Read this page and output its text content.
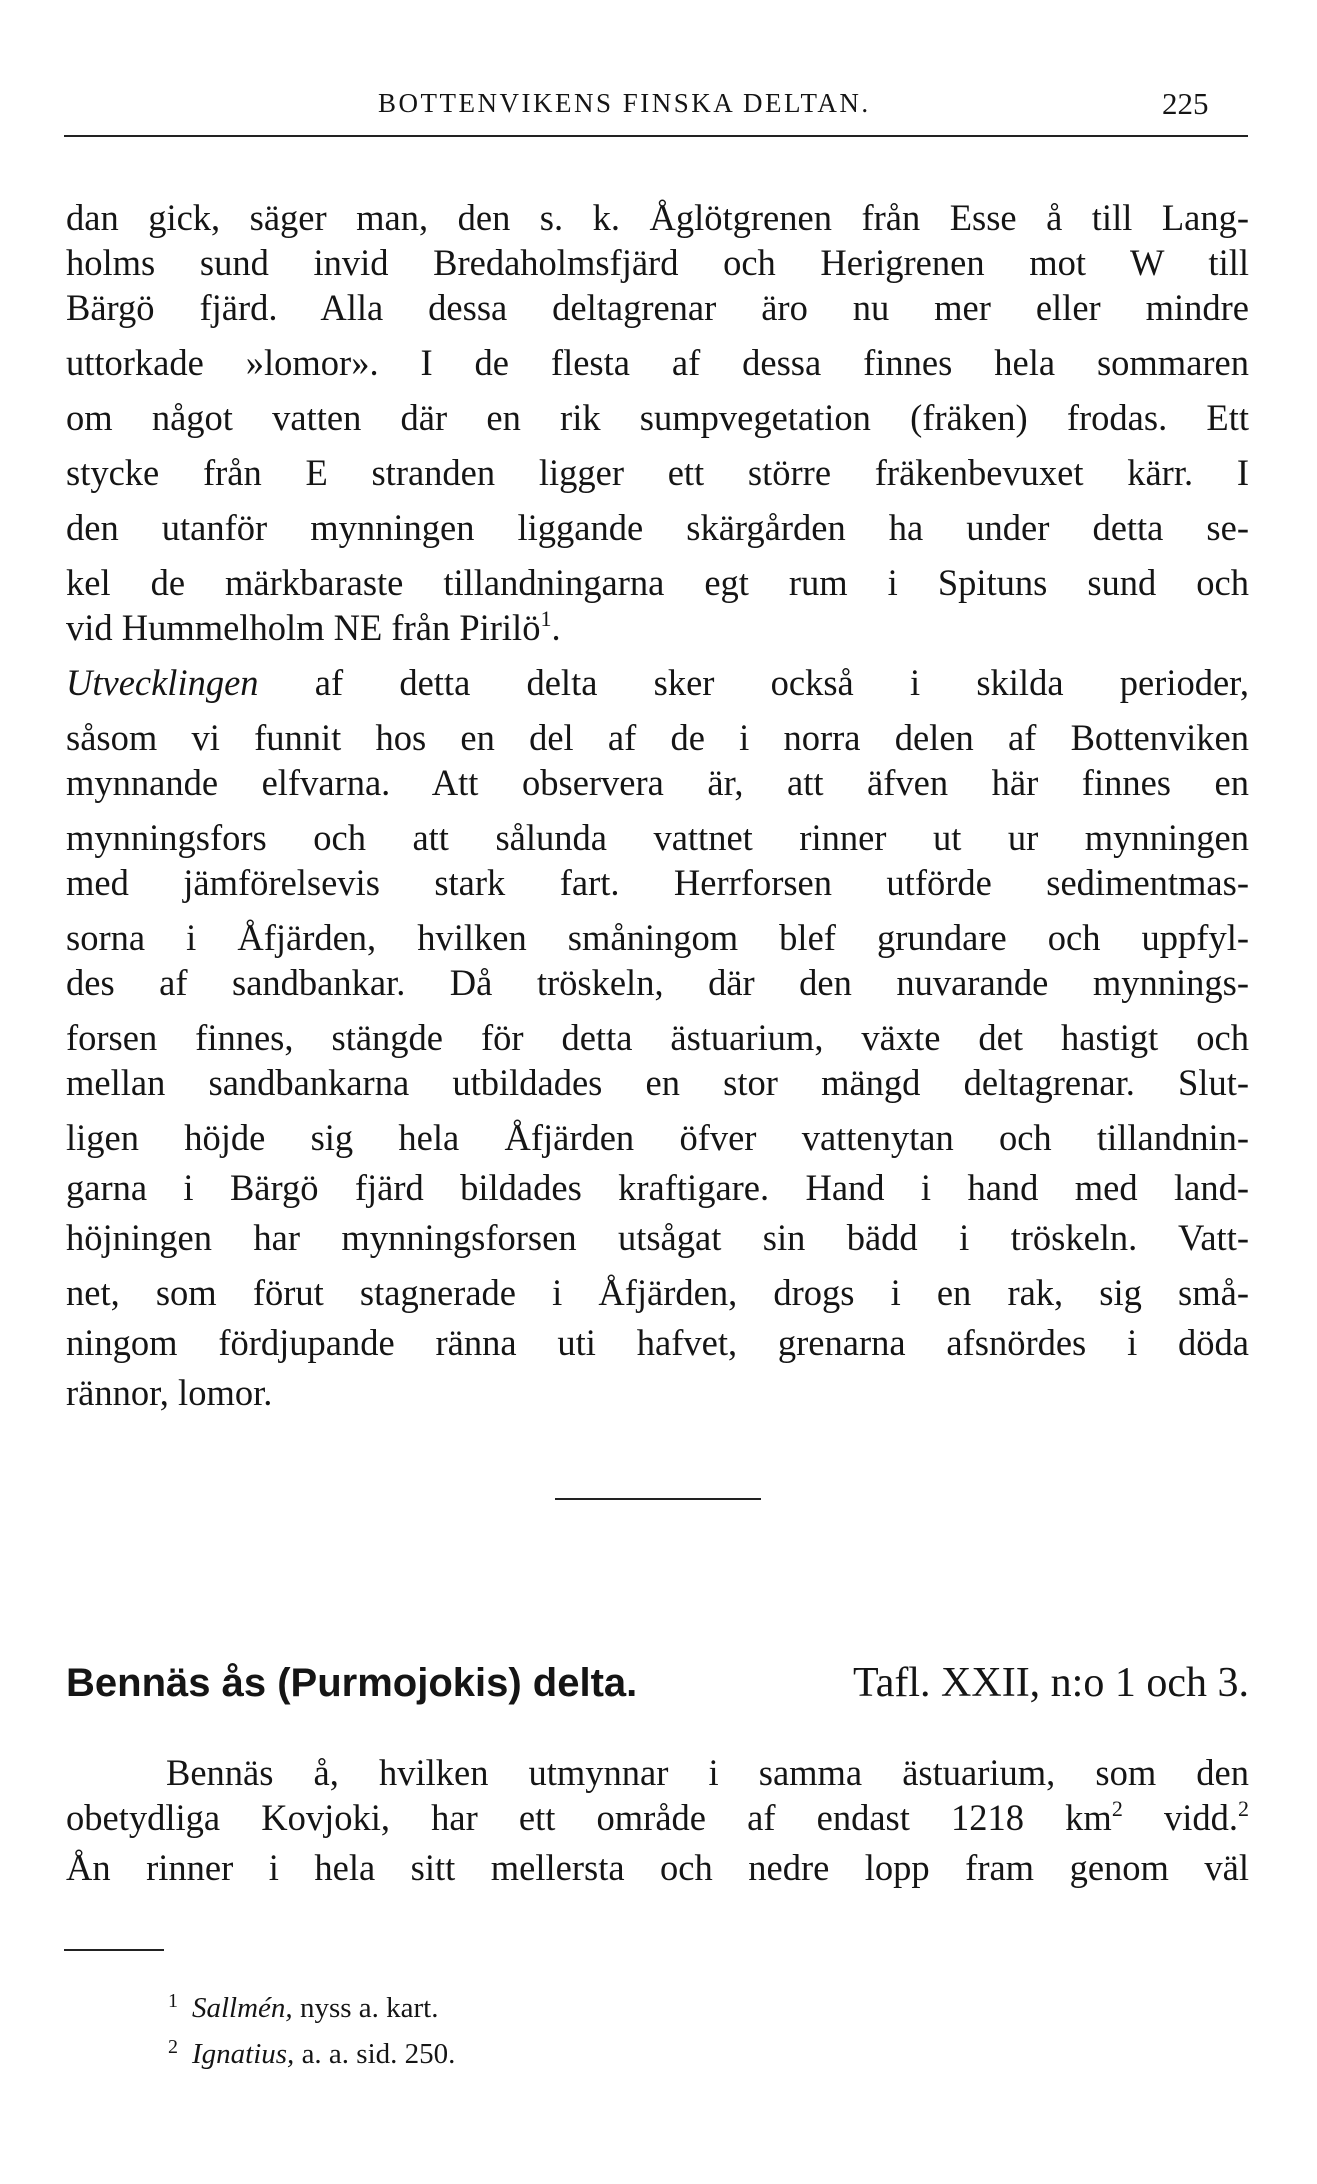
BOTTENVIKENS FINSKA DELTAN.	225
dan gick, säger man, den s. k. Åglötgrenen från Esse å till Lang-
holms sund invid Bredaholmsfjärd och Herigrenen mot W till
Bärgö fjärd. Alla dessa deltagrenar äro nu mer eller mindre
uttorkade »lomor». I de flesta af dessa finnes hela sommaren
om något vatten där en rik sumpvegetation (fräken) frodas. Ett
stycke från E stranden ligger ett större fräkenbevuxet kärr. I
den utanför mynningen liggande skärgården ha under detta se-
kel de märkbaraste tillandningarna egt rum i Spituns sund och
vid Hummelholm NE från Pirilö$^1$.
Utvecklingen af detta delta sker också i skilda perioder,
såsom vi funnit hos en del af de i norra delen af Bottenviken
mynnande elfvarna. Att observera är, att äfven här finnes en
mynningsfors och att sålunda vattnet rinner ut ur mynningen
med jämförelsevis stark fart. Herrforsen utförde sedimentmas-
sorna i Åfjärden, hvilken småningom blef grundare och uppfyl-
des af sandbankar. Då tröskeln, där den nuvarande mynnings-
forsen finnes, stängde för detta ästuarium, växte det hastigt och
mellan sandbankarna utbildades en stor mängd deltagrenar. Slut-
ligen höjde sig hela Åfjärden öfver vattenytan och tillandnin-
garna i Bärgö fjärd bildades kraftigare. Hand i hand med land-
höjningen har mynningsforsen utsågat sin bädd i tröskeln. Vatt-
net, som förut stagnerade i Åfjärden, drogs i en rak, sig små-
ningom fördjupande ränna uti hafvet, grenarna afsnördes i döda
rännor, lomor.
Bennäs ås (Purmojokis) delta.	Tafl. XXII, n:o 1 och 3.
Bennäs å, hvilken utmynnar i samma ästuarium, som den
obetydliga Kovjoki, har ett område af endast 1218 $km^2$ vidd.$^2$
Ån rinner i hela sitt mellersta och nedre lopp fram genom väl
$^1$ Sallmén, nyss a. kart.
$^2$ Ignatius, a. a. sid. 250.
